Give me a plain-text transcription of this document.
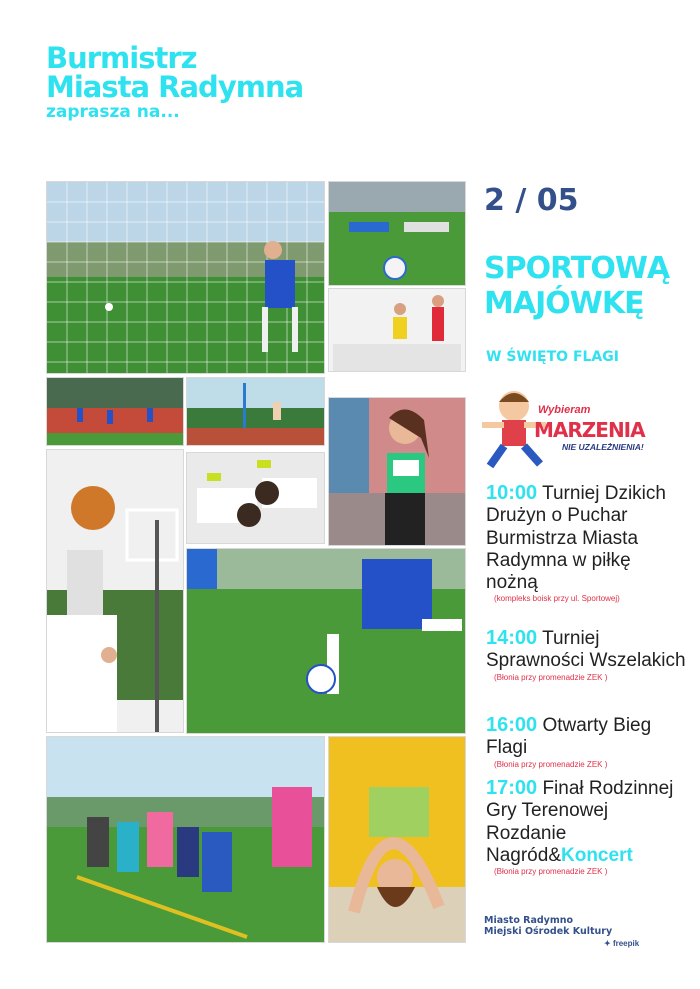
Burmistrz
Miasta Radymna
zaprasza na...
2 / 05
SPORTOWĄ
MAJÓWKĘ
W ŚWIĘTO FLAGI
Wybieram
MARZENIA
NIE UZALEŻNIENIA!
10:00 Turniej Dzikich Drużyn o Puchar Burmistrza Miasta Radymna w piłkę nożną
(kompleks boisk przy ul. Sportowej)
14:00 Turniej Sprawności Wszelakich
(Błonia przy promenadzie ZEK )
16:00 Otwarty Bieg Flagi
(Błonia przy promenadzie ZEK )
17:00 Finał Rodzinnej Gry Terenowej Rozdanie Nagród&Koncert
(Błonia przy promenadzie ZEK )
Miasto Radymno
Miejski Ośrodek Kultury
✦ freepik
